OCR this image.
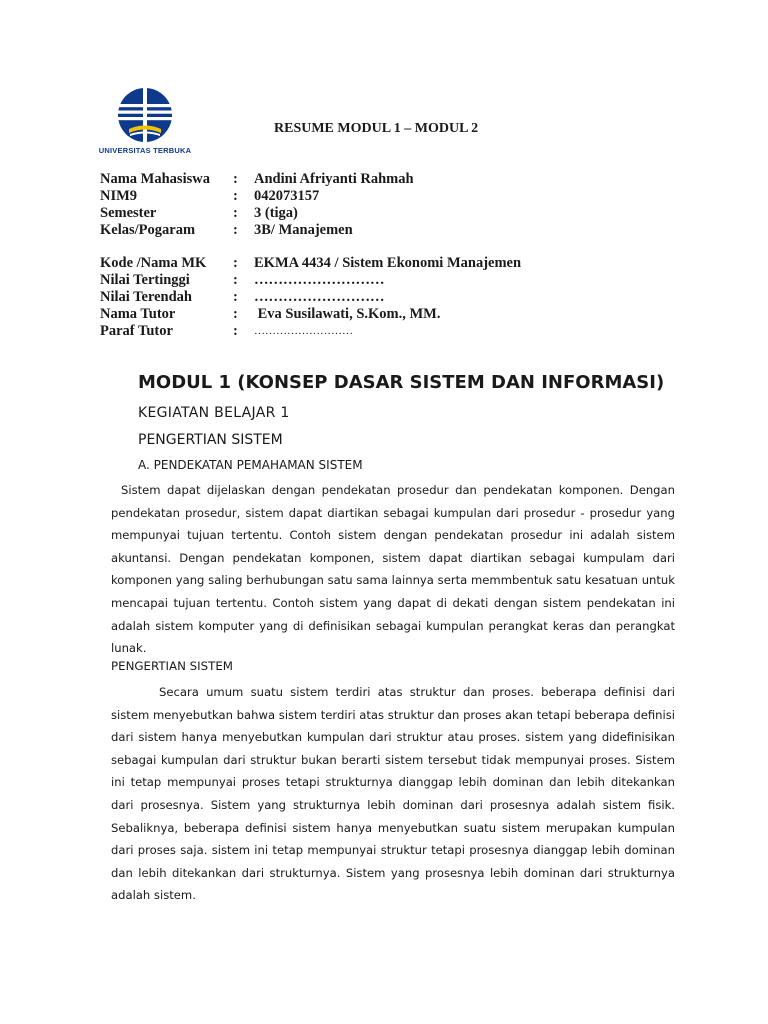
UNIVERSITAS TERBUKA
RESUME MODUL 1 – MODUL 2
Nama Mahasiswa : Andini Afriyanti Rahmah
NIM9	: 042073157
Semester	: 3 (tiga)
Kelas/Pogaram	: 3B/ Manajemen
Kode /Nama MK : EKMA 4434 / Sistem Ekonomi Manajemen
Nilai Tertinggi	: ………………………
Nilai Terendah	: ………………………
Nama Tutor	: Eva Susilawati, S.Kom., MM.
Paraf Tutor	: ………………………
MODUL 1 (KONSEP DASAR SISTEM DAN INFORMASI)
KEGIATAN BELAJAR 1
PENGERTIAN SISTEM
A. PENDEKATAN PEMAHAMAN SISTEM
Sistem dapat dijelaskan dengan pendekatan prosedur dan pendekatan komponen. Dengan pendekatan prosedur, sistem dapat diartikan sebagai kumpulan dari prosedur - prosedur yang mempunyai tujuan tertentu. Contoh sistem dengan pendekatan prosedur ini adalah sistem akuntansi. Dengan pendekatan komponen, sistem dapat diartikan sebagai kumpulam dari komponen yang saling berhubungan satu sama lainnya serta memmbentuk satu kesatuan untuk mencapai tujuan tertentu. Contoh sistem yang dapat di dekati dengan sistem pendekatan ini adalah sistem komputer yang di definisikan sebagai kumpulan perangkat keras dan perangkat lunak.
PENGERTIAN SISTEM
Secara umum suatu sistem terdiri atas struktur dan proses. beberapa definisi dari sistem menyebutkan bahwa sistem terdiri atas struktur dan proses akan tetapi beberapa definisi dari sistem hanya menyebutkan kumpulan dari struktur atau proses. sistem yang didefinisikan sebagai kumpulan dari struktur bukan berarti sistem tersebut tidak mempunyai proses. Sistem ini tetap mempunyai proses tetapi strukturnya dianggap lebih dominan dan lebih ditekankan dari prosesnya. Sistem yang strukturnya lebih dominan dari prosesnya adalah sistem fisik. Sebaliknya, beberapa definisi sistem hanya menyebutkan suatu sistem merupakan kumpulan dari proses saja. sistem ini tetap mempunyai struktur tetapi prosesnya dianggap lebih dominan dan lebih ditekankan dari strukturnya. Sistem yang prosesnya lebih dominan dari strukturnya adalah sistem.
